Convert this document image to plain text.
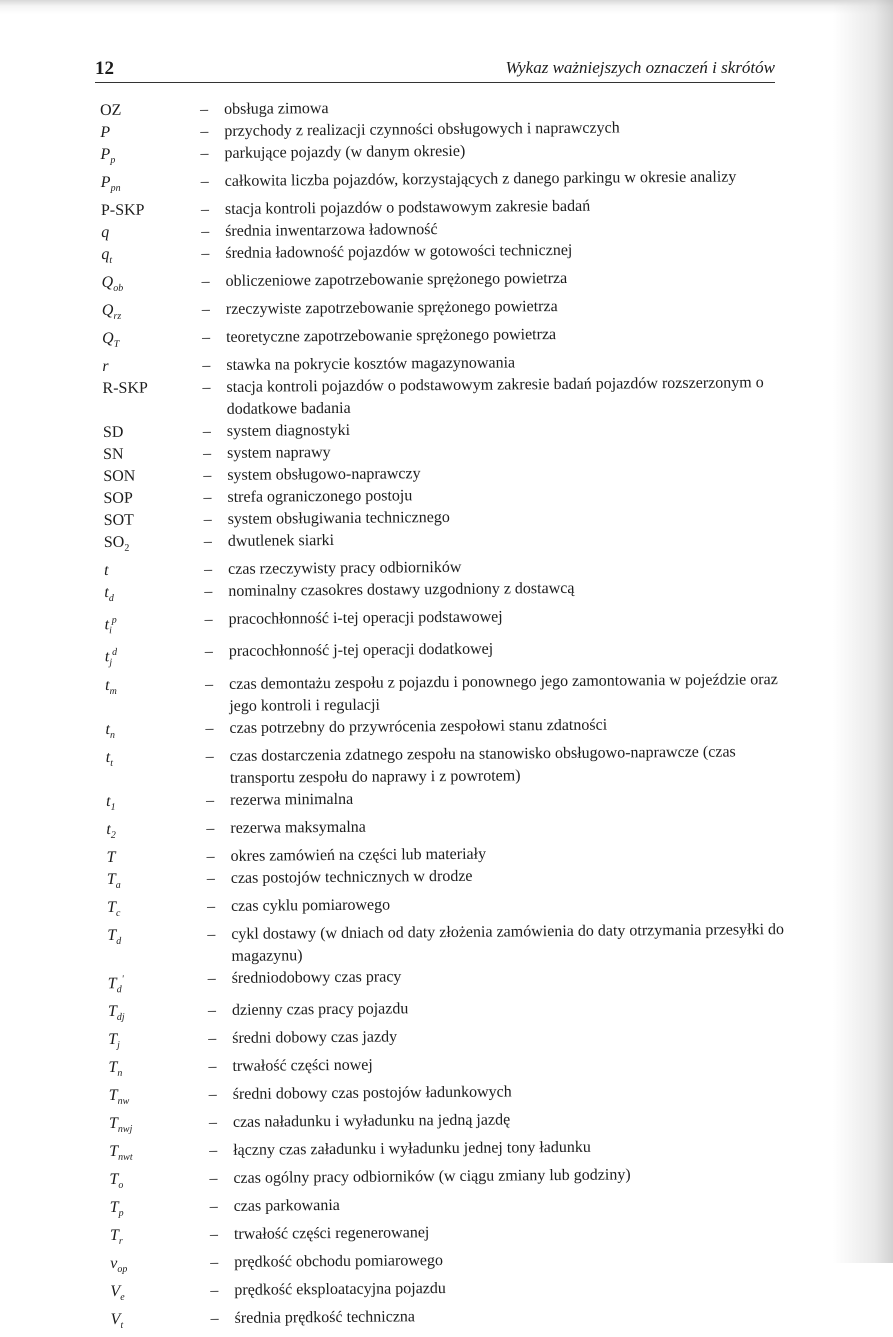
12	Wykaz ważniejszych oznaczeń i skrótów
OZ	– obsługa zimowa
P	– przychody z realizacji czynności obsługowych i naprawczych
$P_p$	– parkujące pojazdy (w danym okresie)
$P_{pn}$	– całkowita liczba pojazdów, korzystających z danego parkingu w okresie analizy
P-SKP	– stacja kontroli pojazdów o podstawowym zakresie badań
q	– średnia inwentarzowa ładowność
$q_t$	– średnia ładowność pojazdów w gotowości technicznej
$Q_{ob}$	– obliczeniowe zapotrzebowanie sprężonego powietrza
$Q_{rz}$	– rzeczywiste zapotrzebowanie sprężonego powietrza
$Q_T$	– teoretyczne zapotrzebowanie sprężonego powietrza
r	– stawka na pokrycie kosztów magazynowania
R-SKP	– stacja kontroli pojazdów o podstawowym zakresie badań pojazdów rozszerzonym o dodatkowe badania
SD	– system diagnostyki
SN	– system naprawy
SON	– system obsługowo-naprawczy
SOP	– strefa ograniczonego postoju
SOT	– system obsługiwania technicznego
$SO_2$	– dwutlenek siarki
t	– czas rzeczywisty pracy odbiorników
$t_d$	– nominalny czasokres dostawy uzgodniony z dostawcą
$t_i^p$	– pracochłonność i-tej operacji podstawowej
$t_j^d$	– pracochłonność j-tej operacji dodatkowej
$t_m$	– czas demontażu zespołu z pojazdu i ponownego jego zamontowania w pojeździe oraz jego kontroli i regulacji
$t_n$	– czas potrzebny do przywrócenia zespołowi stanu zdatności
$t_t$	– czas dostarczenia zdatnego zespołu na stanowisko obsługowo-naprawcze (czas transportu zespołu do naprawy i z powrotem)
$t_1$	– rezerwa minimalna
$t_2$	– rezerwa maksymalna
T	– okres zamówień na części lub materiały
$T_a$	– czas postojów technicznych w drodze
$T_c$	– czas cyklu pomiarowego
$T_d$	– cykl dostawy (w dniach od daty złożenia zamówienia do daty otrzymania przesyłki do magazynu)
$T_d'$	– średniodobowy czas pracy
$T_{dj}$	– dzienny czas pracy pojazdu
$T_j$	– średni dobowy czas jazdy
$T_n$	– trwałość części nowej
$T_{nw}$	– średni dobowy czas postojów ładunkowych
$T_{nwj}$	– czas naładunku i wyładunku na jedną jazdę
$T_{nwt}$	– łączny czas załadunku i wyładunku jednej tony ładunku
$T_o$	– czas ogólny pracy odbiorników (w ciągu zmiany lub godziny)
$T_p$	– czas parkowania
$T_r$	– trwałość części regenerowanej
$v_{op}$	– prędkość obchodu pomiarowego
$V_e$	– prędkość eksploatacyjna pojazdu
$V_t$	– średnia prędkość techniczna
